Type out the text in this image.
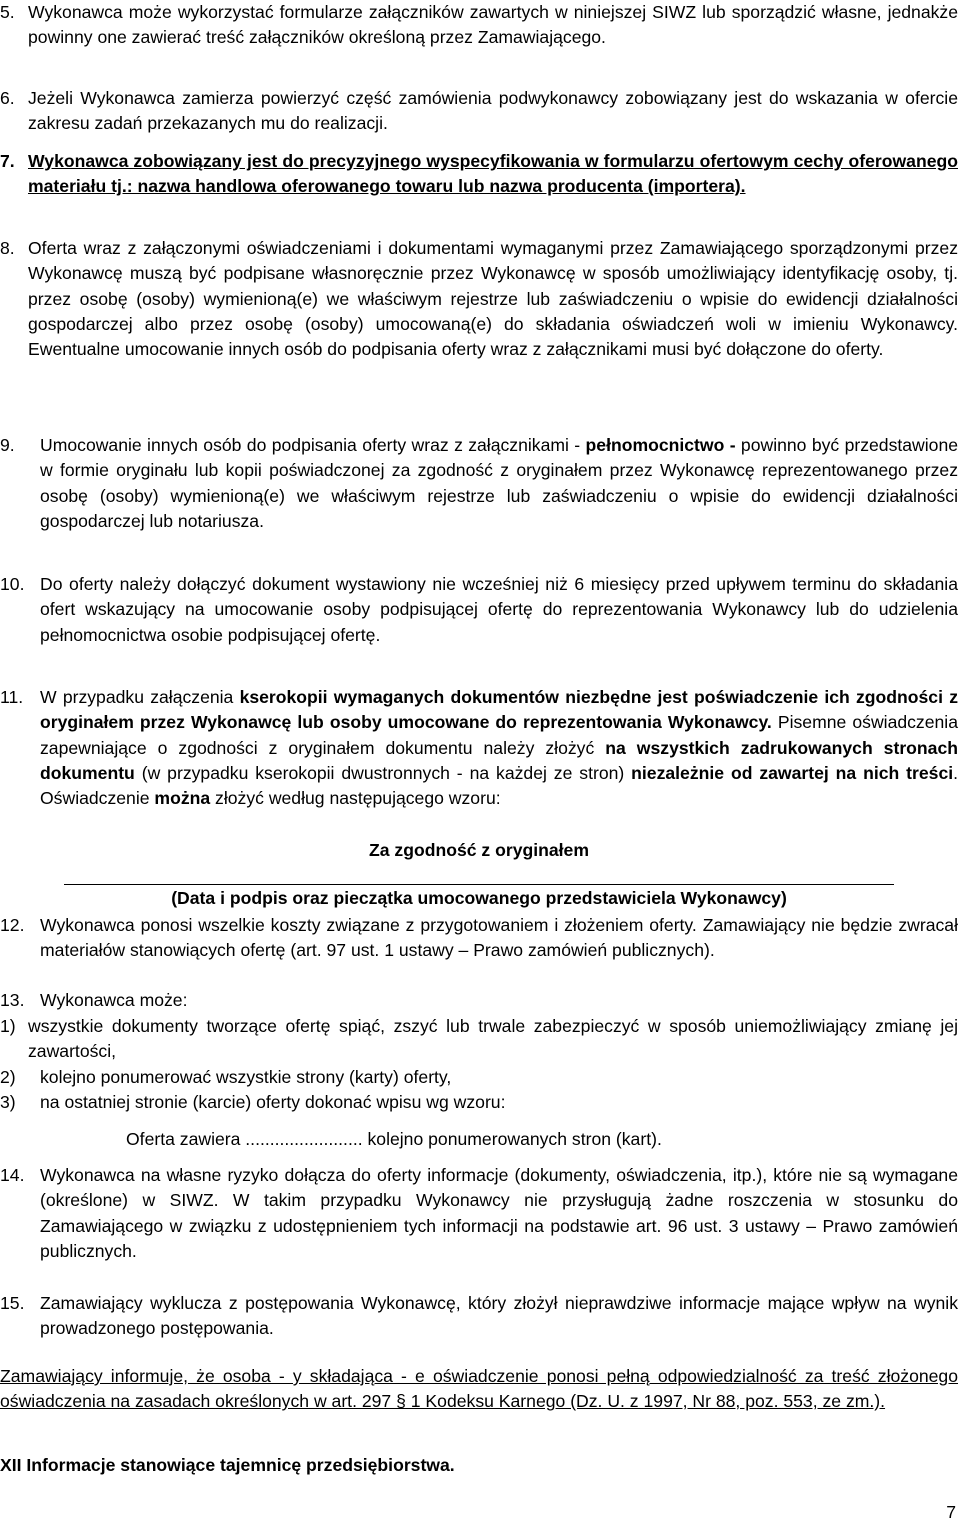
5. Wykonawca może wykorzystać formularze załączników zawartych w niniejszej SIWZ lub sporządzić własne, jednakże powinny one zawierać treść załączników określoną przez Zamawiającego.
6. Jeżeli Wykonawca zamierza powierzyć część zamówienia podwykonawcy zobowiązany jest do wskazania w ofercie zakresu zadań przekazanych mu do realizacji.
7. Wykonawca zobowiązany jest do precyzyjnego wyspecyfikowania w formularzu ofertowym cechy oferowanego materiału tj.: nazwa handlowa oferowanego towaru lub nazwa producenta (importera).
8. Oferta wraz z załączonymi oświadczeniami i dokumentami wymaganymi przez Zamawiającego sporządzonymi przez Wykonawcę muszą być podpisane własnoręcznie przez Wykonawcę w sposób umożliwiający identyfikację osoby, tj. przez osobę (osoby) wymienioną(e) we właściwym rejestrze lub zaświadczeniu o wpisie do ewidencji działalności gospodarczej albo przez osobę (osoby) umocowaną(e) do składania oświadczeń woli w imieniu Wykonawcy. Ewentualne umocowanie innych osób do podpisania oferty wraz z załącznikami musi być dołączone do oferty.
9.	Umocowanie innych osób do podpisania oferty wraz z załącznikami - pełnomocnictwo - powinno być przedstawione w formie oryginału lub kopii poświadczonej za zgodność z oryginałem przez Wykonawcę reprezentowanego przez osobę (osoby) wymienioną(e) we właściwym rejestrze lub zaświadczeniu o wpisie do ewidencji działalności gospodarczej lub notariusza.
10. Do oferty należy dołączyć dokument wystawiony nie wcześniej niż 6 miesięcy przed upływem terminu do składania ofert wskazujący na umocowanie osoby podpisującej ofertę do reprezentowania Wykonawcy lub do udzielenia pełnomocnictwa osobie podpisującej ofertę.
11. W przypadku załączenia kserokopii wymaganych dokumentów niezbędne jest poświadczenie ich zgodności z oryginałem przez Wykonawcę lub osoby umocowane do reprezentowania Wykonawcy. Pisemne oświadczenia zapewniające o zgodności z oryginałem dokumentu należy złożyć na wszystkich zadrukowanych stronach dokumentu (w przypadku kserokopii dwustronnych - na każdej ze stron) niezależnie od zawartej na nich treści. Oświadczenie można złożyć według następującego wzoru:
Za zgodność z oryginałem
(Data i podpis oraz pieczątka umocowanego przedstawiciela Wykonawcy)
12. Wykonawca ponosi wszelkie koszty związane z przygotowaniem i złożeniem oferty. Zamawiający nie będzie zwracał materiałów stanowiących ofertę (art. 97 ust. 1 ustawy – Prawo zamówień publicznych).
13. Wykonawca może:
1) wszystkie dokumenty tworzące ofertę spiąć, zszyć lub trwale zabezpieczyć w sposób uniemożliwiający zmianę jej zawartości,
2)	kolejno ponumerować wszystkie strony (karty) oferty,
3)	na ostatniej stronie (karcie) oferty dokonać wpisu wg wzoru:
Oferta zawiera ........................ kolejno ponumerowanych stron (kart).
14. Wykonawca na własne ryzyko dołącza do oferty informacje (dokumenty, oświadczenia, itp.), które nie są wymagane (określone) w SIWZ. W takim przypadku Wykonawcy nie przysługują żadne roszczenia w stosunku do Zamawiającego w związku z udostępnieniem tych informacji na podstawie art. 96 ust. 3 ustawy – Prawo zamówień publicznych.
15. Zamawiający wyklucza z postępowania Wykonawcę, który złożył nieprawdziwe informacje mające wpływ na wynik prowadzonego postępowania.
Zamawiający informuje, że osoba - y składająca - e oświadczenie ponosi pełną odpowiedzialność za treść złożonego oświadczenia na zasadach określonych w art. 297 § 1 Kodeksu Karnego (Dz. U. z 1997, Nr 88, poz. 553, ze zm.).
XII Informacje stanowiące tajemnicę przedsiębiorstwa.
7
